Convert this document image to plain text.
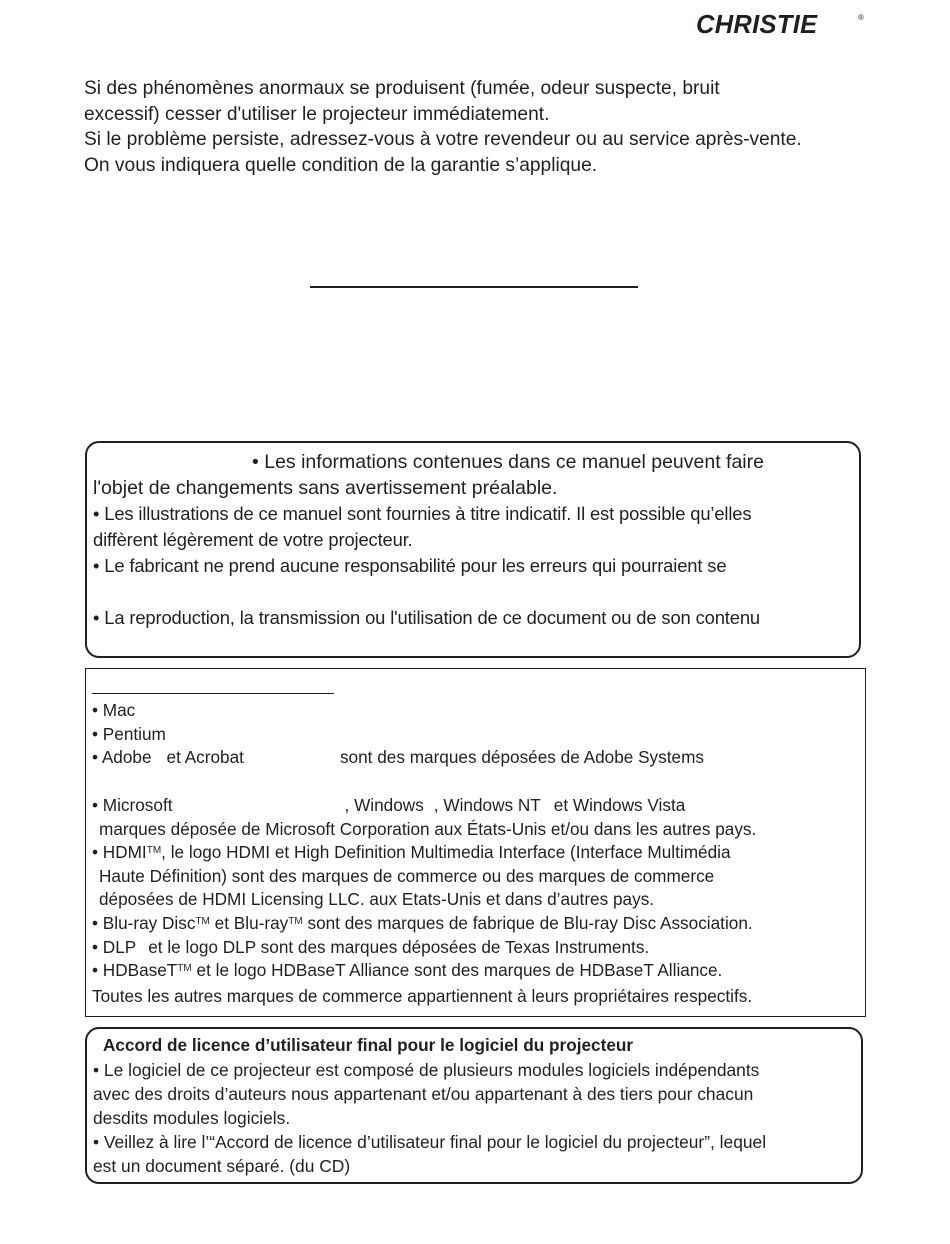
CHRISTIE	®

Si des phénomènes anormaux se produisent (fumée, odeur suspecte, bruit

excessif) cesser d'utiliser le projecteur immédiatement.

Si le problème persiste, adressez-vous à votre revendeur ou au service après-vente.

On vous indiquera quelle condition de la garantie s’applique.

• Les informations contenues dans ce manuel peuvent faire
l'objet de changements sans avertissement préalable.
• Les illustrations de ce manuel sont fournies à titre indicatif. Il est possible qu’elles
diffèrent légèrement de votre projecteur.
• Le fabricant ne prend aucune responsabilité pour les erreurs qui pourraient se
• La reproduction, la transmission ou l'utilisation de ce document ou de son contenu
• Mac
• Pentium
• Adobe et Acrobat	sont des marques déposées de Adobe Systems
• Microsoft	, Windows , Windows NT et Windows Vista
marques déposée de Microsoft Corporation aux États-Unis et/ou dans les autres pays.
• HDMI™, le logo HDMI et High Definition Multimedia Interface (Interface Multimédia
Haute Définition) sont des marques de commerce ou des marques de commerce
déposées de HDMI Licensing LLC. aux Etats-Unis et dans d’autres pays.
• Blu-ray Disc™ et Blu-ray™ sont des marques de fabrique de Blu-ray Disc Association.
• DLP et le logo DLP sont des marques déposées de Texas Instruments.
• HDBaseT™ et le logo HDBaseT Alliance sont des marques de HDBaseT Alliance.
Toutes les autres marques de commerce appartiennent à leurs propriétaires respectifs.
Accord de licence d’utilisateur final pour le logiciel du projecteur
• Le logiciel de ce projecteur est composé de plusieurs modules logiciels indépendants
avec des droits d’auteurs nous appartenant et/ou appartenant à des tiers pour chacun
desdits modules logiciels.
• Veillez à lire l’“Accord de licence d’utilisateur final pour le logiciel du projecteur”, lequel
est un document séparé. (du CD)
